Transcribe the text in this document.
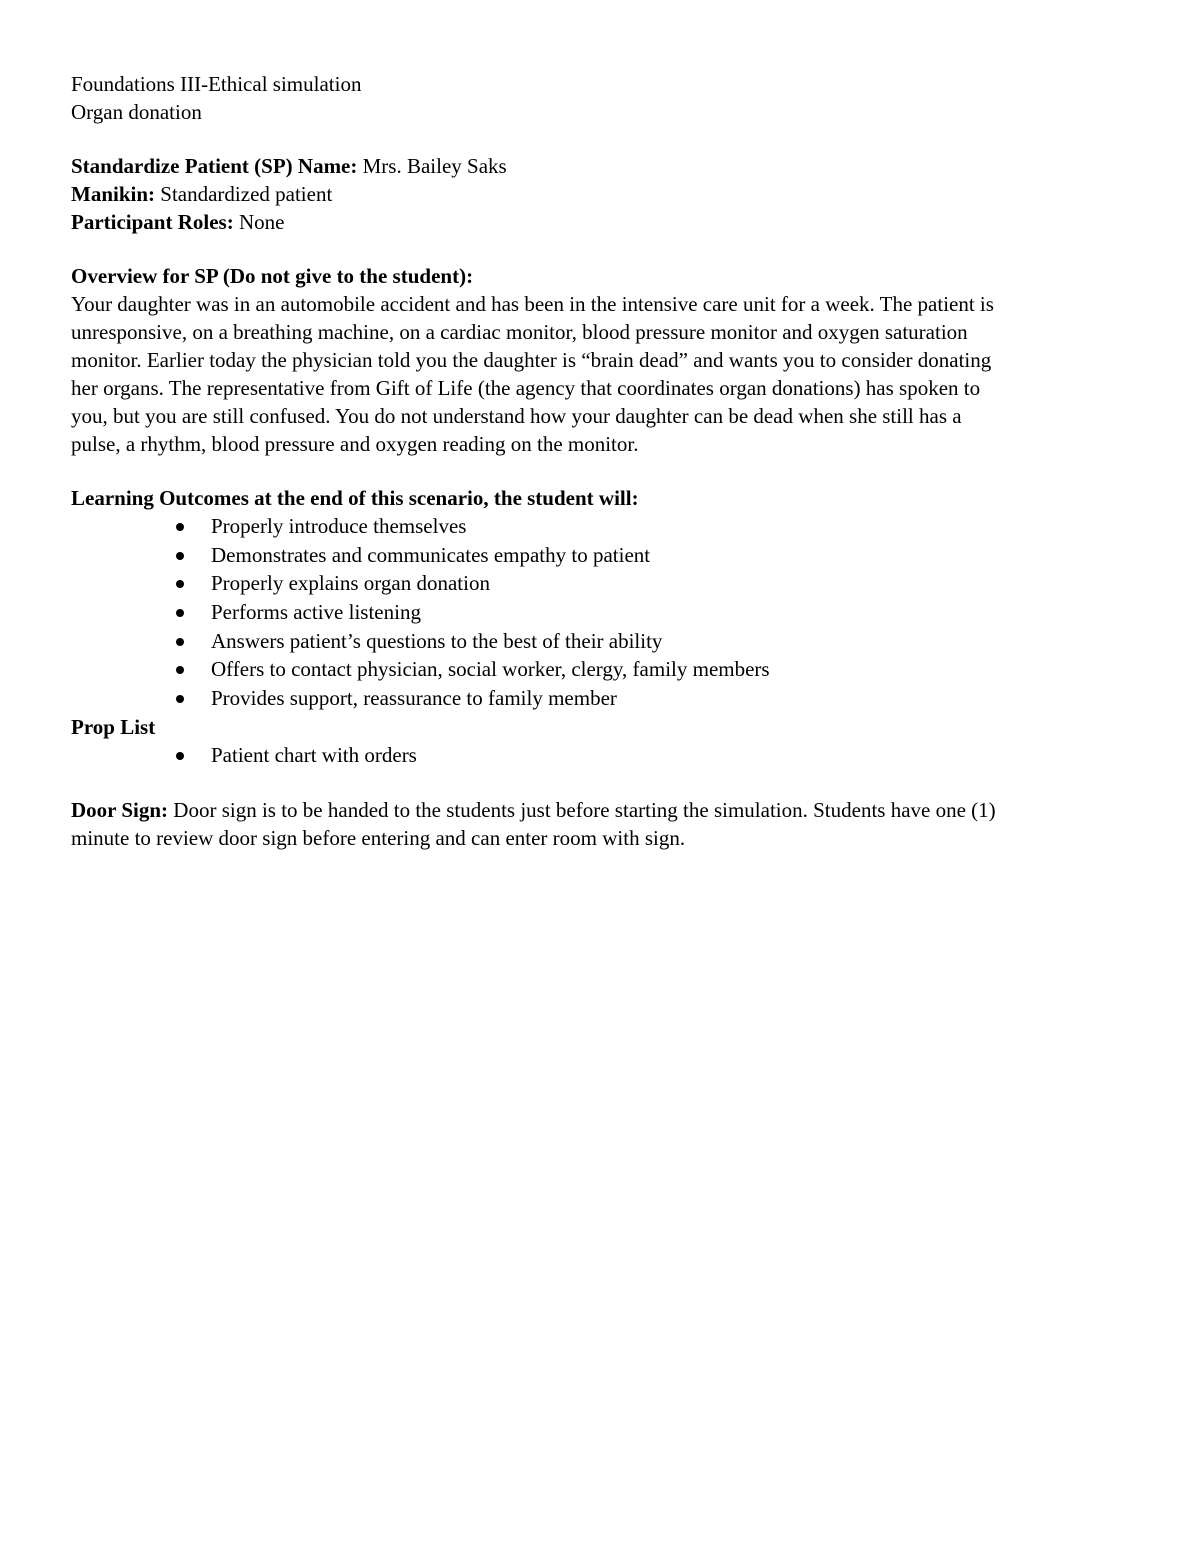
Foundations III-Ethical simulation

Organ donation

Standardize Patient (SP) Name: Mrs. Bailey Saks

Manikin: Standardized patient

Participant Roles: None

Overview for SP (Do not give to the student):

Your daughter was in an automobile accident and has been in the intensive care unit for a week. The patient is
unresponsive, on a breathing machine, on a cardiac monitor, blood pressure monitor and oxygen saturation
monitor. Earlier today the physician told you the daughter is “brain dead” and wants you to consider donating
her organs. The representative from Gift of Life (the agency that coordinates organ donations) has spoken to
you, but you are still confused. You do not understand how your daughter can be dead when she still has a
pulse, a rhythm, blood pressure and oxygen reading on the monitor.

Learning Outcomes at the end of this scenario, the student will:

Properly introduce themselves
Demonstrates and communicates empathy to patient
Properly explains organ donation
Performs active listening
Answers patient’s questions to the best of their ability
Offers to contact physician, social worker, clergy, family members
Provides support, reassurance to family member

Prop List

Patient chart with orders

Door Sign: Door sign is to be handed to the students just before starting the simulation. Students have one (1)
minute to review door sign before entering and can enter room with sign.
